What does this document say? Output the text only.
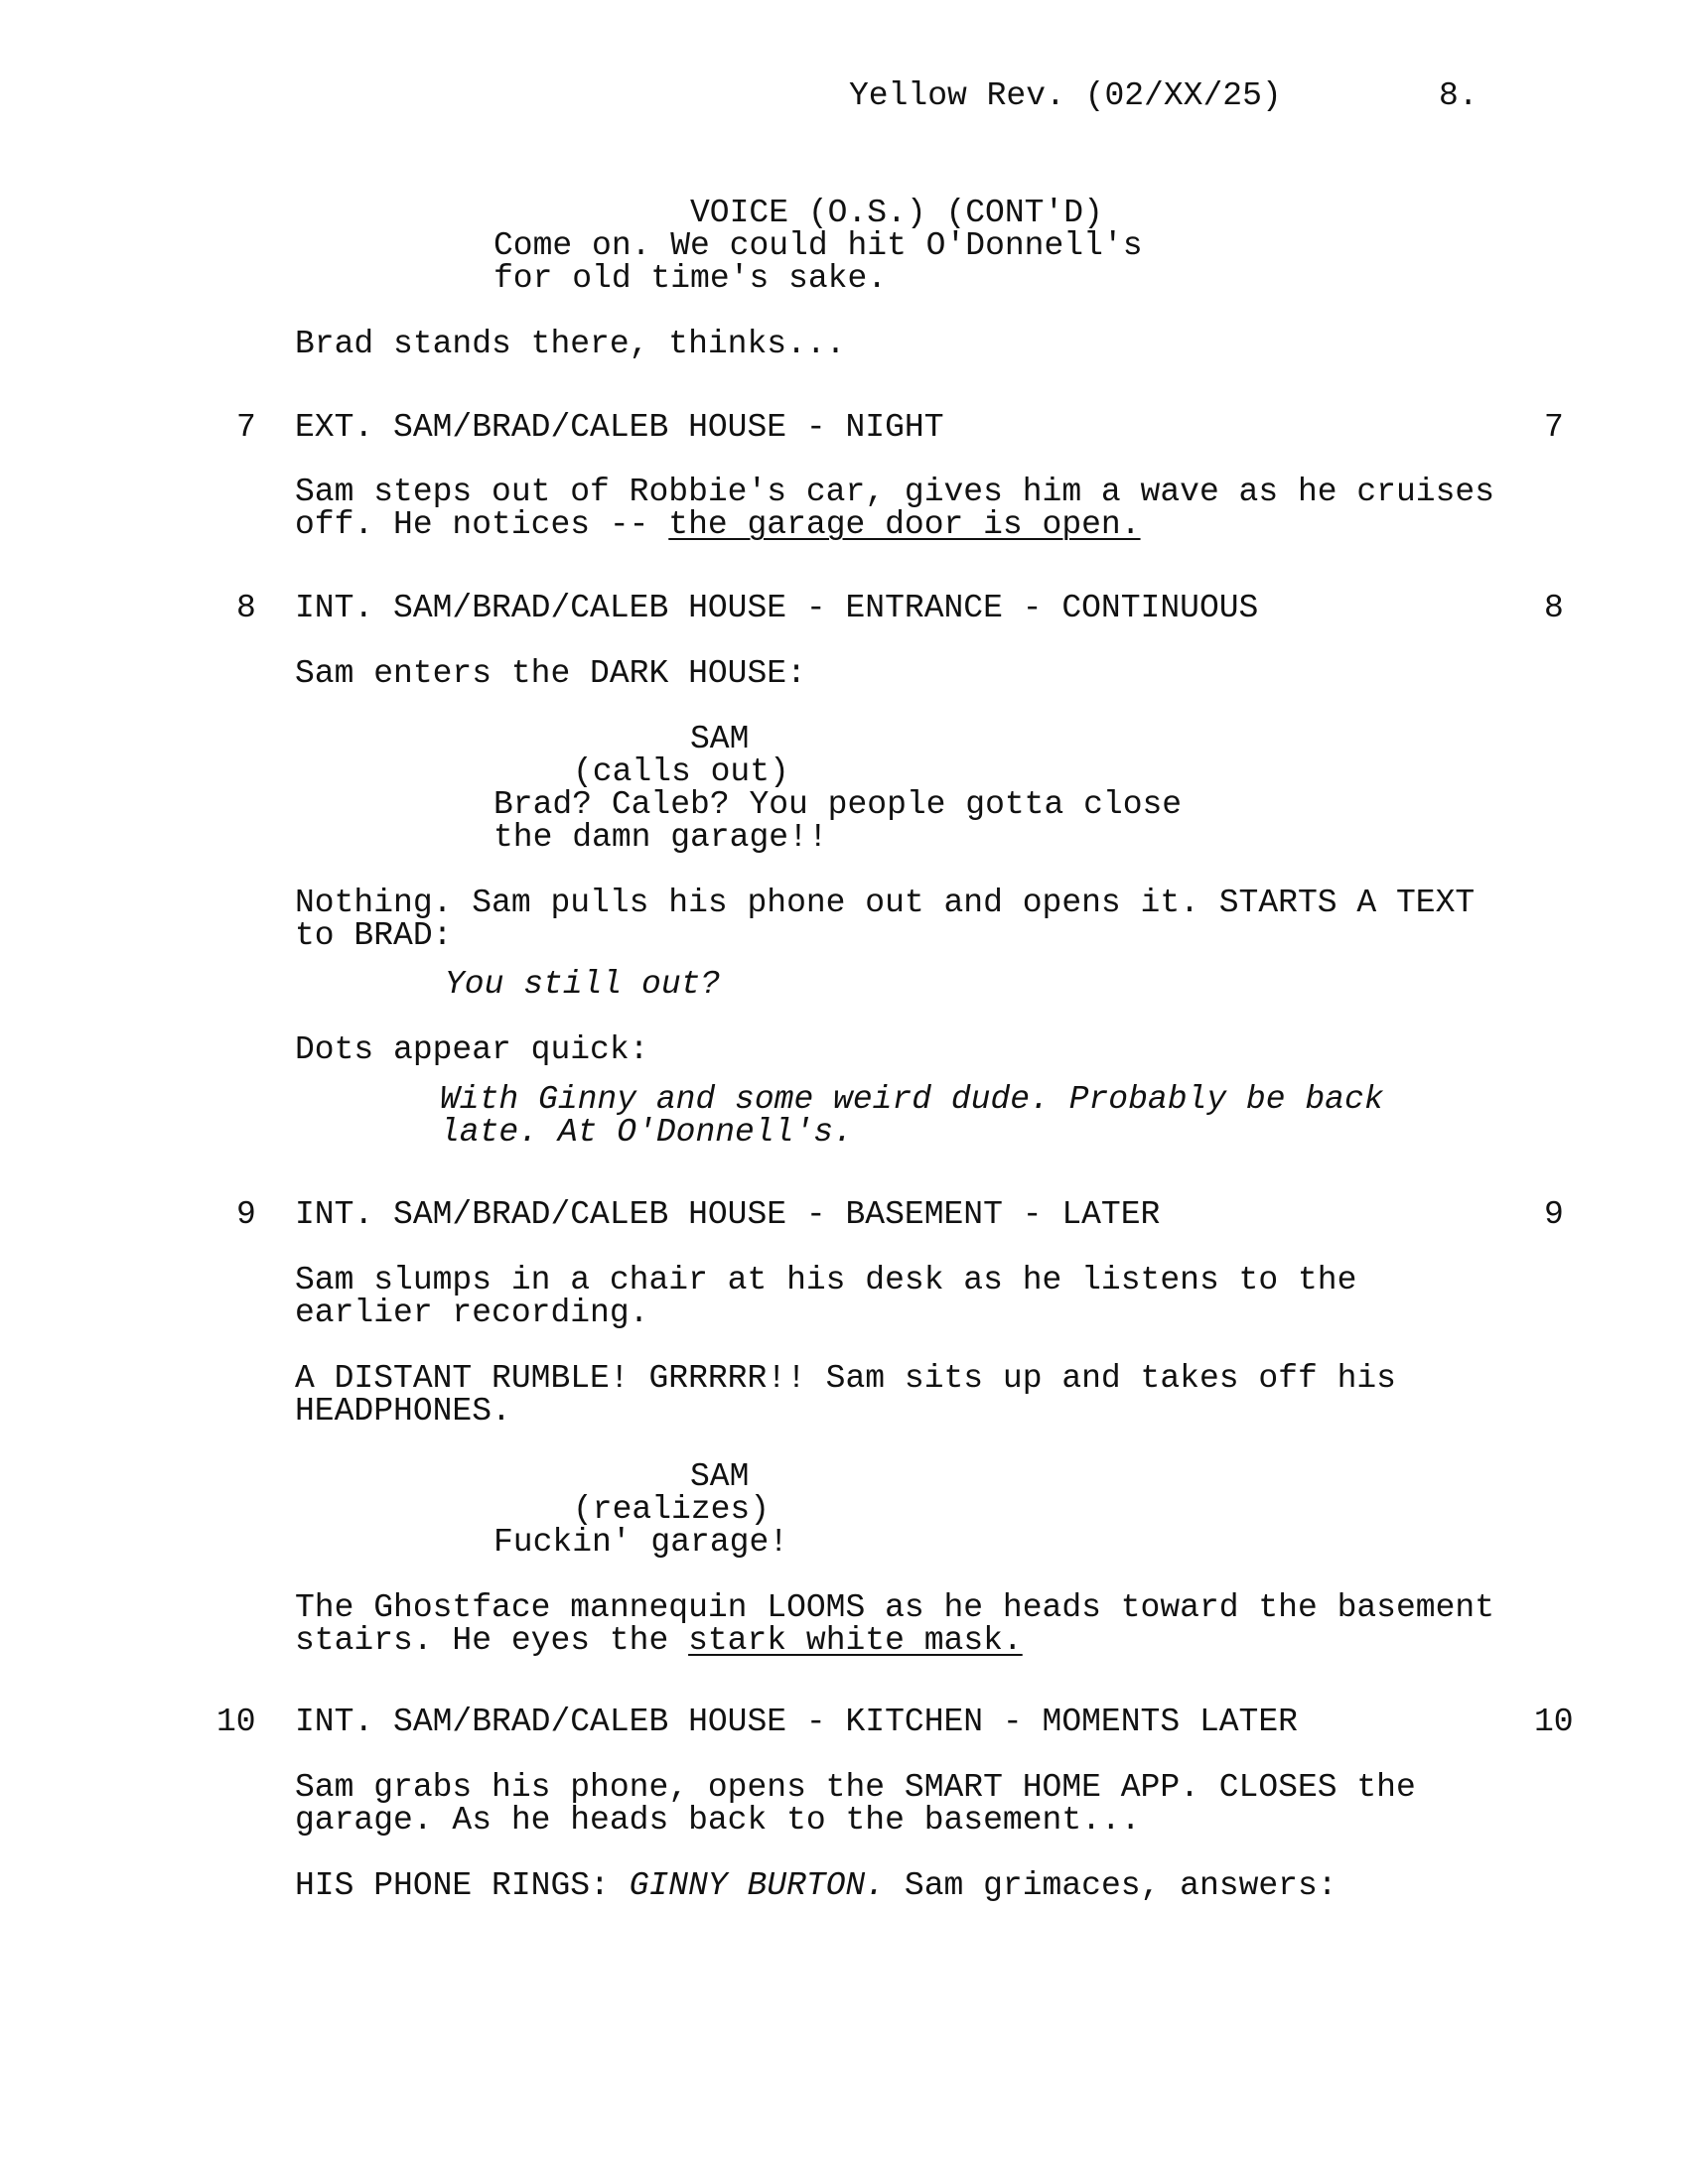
Yellow Rev. (02/XX/25)	8.
VOICE (O.S.) (CONT'D)
Come on. We could hit O'Donnell's
for old time's sake.
Brad stands there, thinks...
7 EXT. SAM/BRAD/CALEB HOUSE - NIGHT	7
Sam steps out of Robbie's car, gives him a wave as he cruises
off. He notices -- the garage door is open.
8 INT. SAM/BRAD/CALEB HOUSE - ENTRANCE - CONTINUOUS	8
Sam enters the DARK HOUSE:
SAM
(calls out)
Brad? Caleb? You people gotta close
the damn garage!!
Nothing. Sam pulls his phone out and opens it. STARTS A TEXT
to BRAD:
You still out?
Dots appear quick:
With Ginny and some weird dude. Probably be back
late. At O'Donnell's.
9 INT. SAM/BRAD/CALEB HOUSE - BASEMENT - LATER	9
Sam slumps in a chair at his desk as he listens to the
earlier recording.
A DISTANT RUMBLE! GRRRRR!! Sam sits up and takes off his
HEADPHONES.
SAM
(realizes)
Fuckin' garage!
The Ghostface mannequin LOOMS as he heads toward the basement
stairs. He eyes the stark white mask.
10 INT. SAM/BRAD/CALEB HOUSE - KITCHEN - MOMENTS LATER	10
Sam grabs his phone, opens the SMART HOME APP. CLOSES the
garage. As he heads back to the basement...
HIS PHONE RINGS: GINNY BURTON. Sam grimaces, answers:
